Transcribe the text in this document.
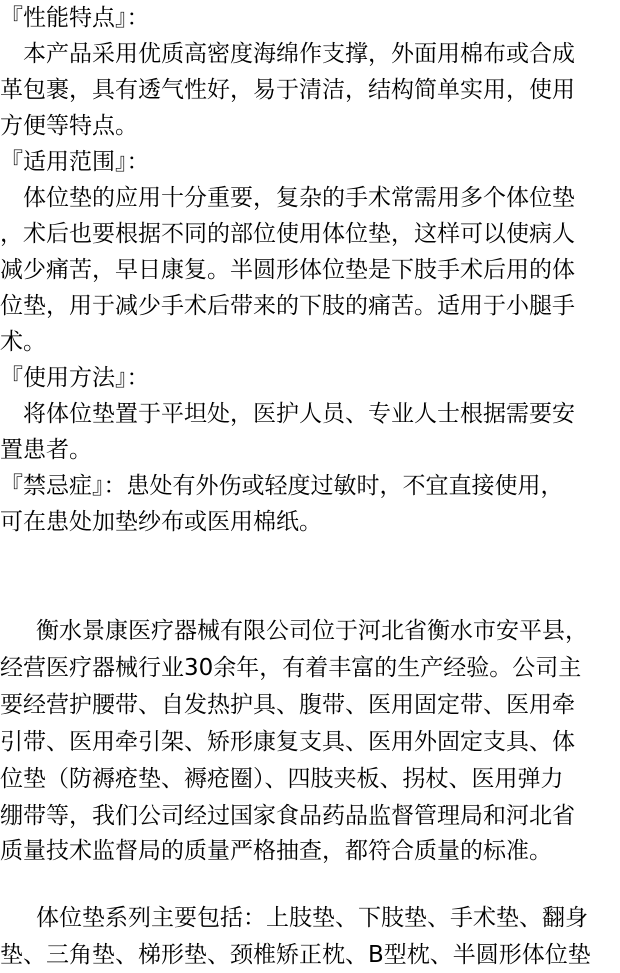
『性能特点』：
本产品采用优质高密度海绵作支撑，外面用棉布或合成
革包裹，具有透气性好，易于清洁，结构简单实用，使用
方便等特点。
『适用范围』：
体位垫的应用十分重要，复杂的手术常需用多个体位垫
，术后也要根据不同的部位使用体位垫，这样可以使病人
减少痛苦，早日康复。半圆形体位垫是下肢手术后用的体
位垫，用于减少手术后带来的下肢的痛苦。适用于小腿手
术。
『使用方法』：
将体位垫置于平坦处，医护人员、专业人士根据需要安
置患者。
『禁忌症』：患处有外伤或轻度过敏时，不宜直接使用，
可在患处加垫纱布或医用棉纸。
衡水景康医疗器械有限公司位于河北省衡水市安平县，
经营医疗器械行业30余年，有着丰富的生产经验。公司主
要经营护腰带、自发热护具、腹带、医用固定带、医用牵
引带、医用牵引架、矫形康复支具、医用外固定支具、体
位垫（防褥疮垫、褥疮圈）、四肢夹板、拐杖、医用弹力
绷带等，我们公司经过国家食品药品监督管理局和河北省
质量技术监督局的质量严格抽查，都符合质量的标准。
体位垫系列主要包括：上肢垫、下肢垫、手术垫、翻身
垫、三角垫、梯形垫、颈椎矫正枕、B型枕、半圆形体位垫
